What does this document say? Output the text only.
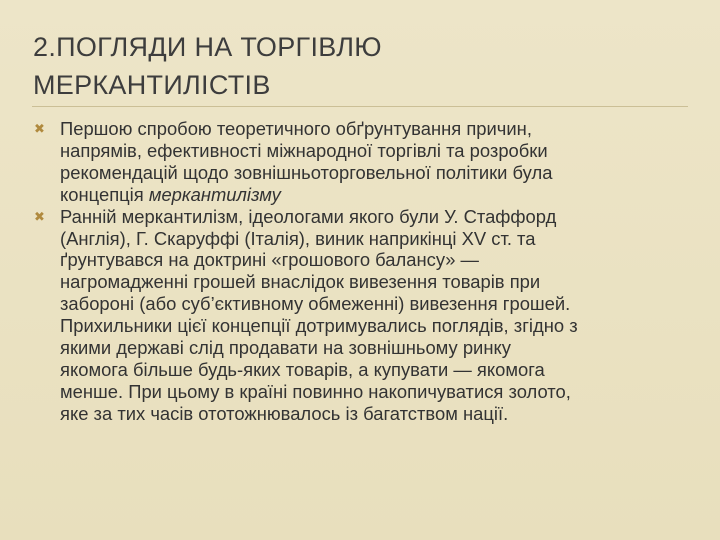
2.ПОГЛЯДИ НА ТОРГІВЛЮ
МЕРКАНТИЛІСТІВ
✖ Першою спробою теоретичного обґрунтування причин,
напрямів, ефективності міжнародної торгівлі та розробки
рекомендацій щодо зовнішньоторговельної політики була
концепція меркантилізму
✖ Ранній меркантилізм, ідеологами якого були У. Стаффорд
(Англія), Г. Скаруффі (Італія), виник наприкінці XV ст. та
ґрунтувався на доктрині «грошового балансу» —
нагромадженні грошей внаслідок вивезення товарів при
забороні (або суб’єктивному обмеженні) вивезення грошей.
Прихильники цієї концепції дотримувались поглядів, згідно з
якими державі слід продавати на зовнішньому ринку
якомога більше будь-яких товарів, а купувати — якомога
менше. При цьому в країні повинно накопичуватися золото,
яке за тих часів ототожнювалось із багатством нації.
